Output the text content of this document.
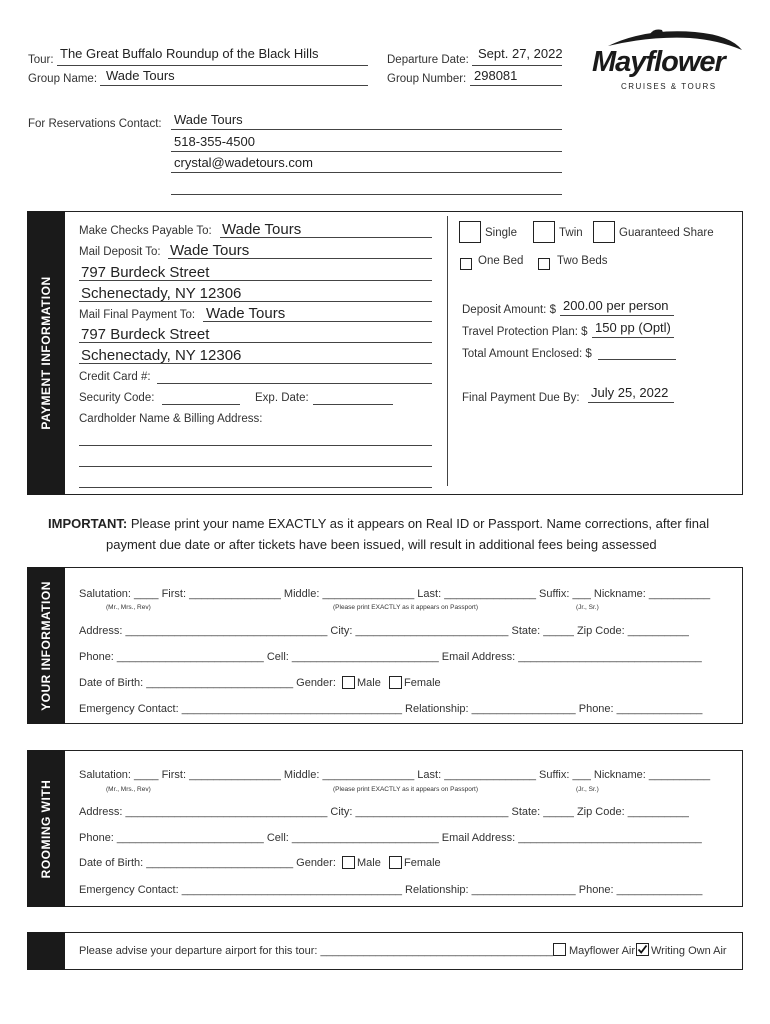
Tour: The Great Buffalo Roundup of the Black Hills
Group Name: Wade Tours
Departure Date: Sept. 27, 2022
Group Number: 298081	Mayflower
CRUISES & TOURS
For Reservations Contact: Wade Tours
518-355-4500
crystal@wadetours.com
PAYMENT INFORMATION
Make Checks Payable To: Wade Tours
Mail Deposit To: Wade Tours
797 Burdeck Street
Schenectady, NY 12306
Mail Final Payment To: Wade Tours
797 Burdeck Street
Schenectady, NY 12306
Credit Card #:
Security Code:	Exp. Date:
Cardholder Name & Billing Address:
Single	Twin	Guaranteed Share
One Bed	Two Beds
Deposit Amount: $ 200.00 per person
Travel Protection Plan: $ 150 pp (Optl)
Total Amount Enclosed: $
Final Payment Due By: July 25, 2022
IMPORTANT: Please print your name EXACTLY as it appears on Real ID or Passport. Name corrections, after final
payment due date or after tickets have been issued, will result in additional fees being assessed
YOUR INFORMATION Salutation: ____ First: _______________ Middle: _______________ Last: _______________ Suffix: ___ Nickname: __________
(Mr., Mrs., Rev)	(Please print EXACTLY as it appears on Passport)	(Jr., Sr.)
Address: _________________________________ City: _________________________ State: _____ Zip Code: __________
Phone: ________________________ Cell: ________________________ Email Address: ______________________________
Date of Birth: ________________________ Gender: Male Female
Emergency Contact: ____________________________________ Relationship: _________________ Phone: ______________
ROOMING WITH
Salutation: ____ First: _______________ Middle: _______________ Last: _______________ Suffix: ___ Nickname: __________
(Mr., Mrs., Rev)	(Please print EXACTLY as it appears on Passport)	(Jr., Sr.)
Address: _________________________________ City: _________________________ State: _____ Zip Code: __________
Phone: ________________________ Cell: ________________________ Email Address: ______________________________
Date of Birth: ________________________ Gender: Male Female
Emergency Contact: ____________________________________ Relationship: _________________ Phone: ______________
Please advise your departure airport for this tour: ______________________________________ Mayflower Air Writing Own Air
